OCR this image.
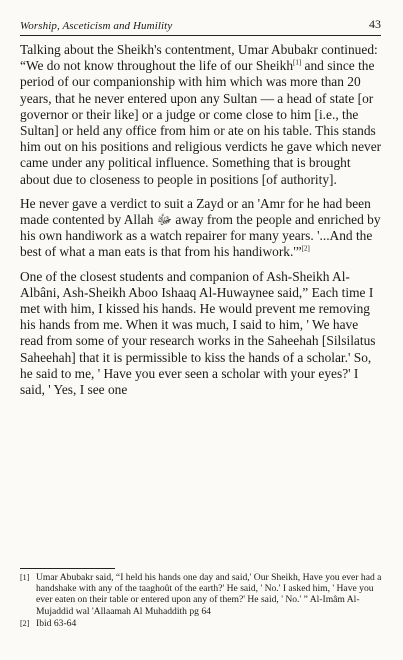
Worship, Asceticism and Humility	43

Talking about the Sheikh's contentment, Umar Abubakr continued: “We do not know throughout the life of our Sheikh[1] and since the period of our companionship with him which was more than 20 years, that he never entered upon any Sultan — a head of state [or governor or their like] or a judge or come close to him [i.e., the Sultan] or held any office from him or ate on his table. This stands him out on his positions and religious verdicts he gave which never came under any political influence. Something that is brought about due to closeness to people in positions [of authority].

He never gave a verdict to suit a Zayd or an 'Amr for he had been made contented by Allah ﷻ away from the people and enriched by his own handiwork as a watch repairer for many years. '...And the best of what a man eats is that from his handiwork.'”[2]

One of the closest students and companion of Ash-Sheikh Al-Albâni, Ash-Sheikh Aboo Ishaaq Al-Huwaynee said,” Each time I met with him, I kissed his hands. He would prevent me removing his hands from me. When it was much, I said to him, ' We have read from some of your research works in the Saheehah [Silsilatus Saheehah] that it is permissible to kiss the hands of a scholar.' So, he said to me, ' Have you ever seen a scholar with your eyes?' I said, ' Yes, I see one

[1] Umar Abubakr said, “I held his hands one day and said,' Our Sheikh, Have you ever had a handshake with any of the taaghoût of the earth?' He said, ' No.' I asked him, ' Have you ever eaten on their table or entered upon any of them?' He said, ' No.' ” Al-Imâm Al-Mujaddid wal 'Allaamah Al Muhaddith pg 64
[2] Ibid 63-64
